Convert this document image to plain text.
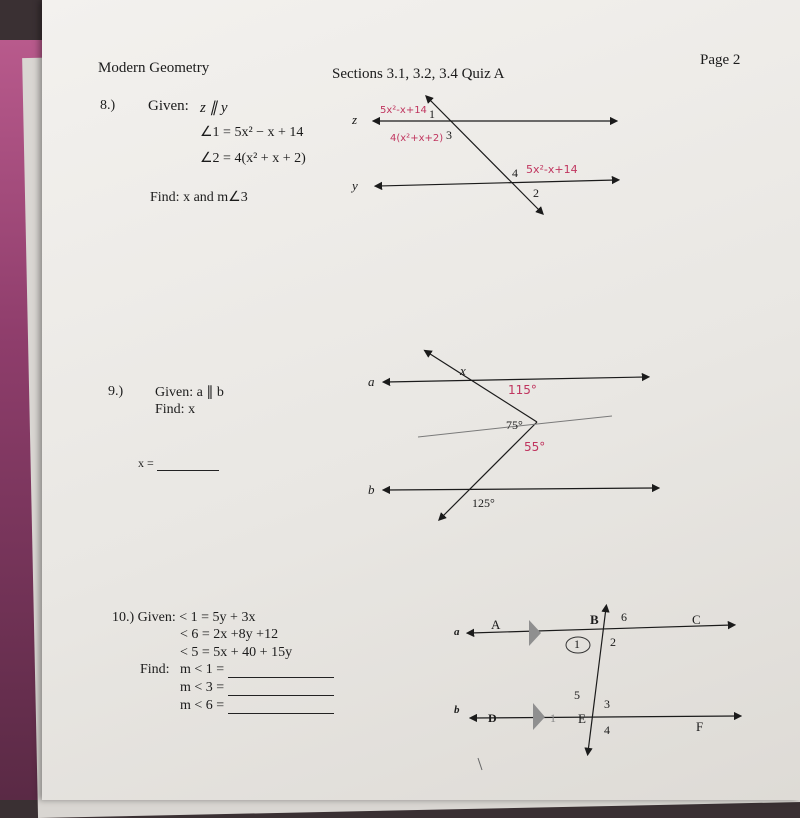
Modern Geometry	Sections 3.1, 3.2, 3.4 Quiz A
Page 2
8.) Given: z ∥ y
∠1 = 5x² − x + 14
∠2 = 4(x² + x + 2)
Find: x and m∠3
9.) Given: a ∥ b
Find: x
x =
10.) Given: < 1 = 5y + 3x
< 6 = 2x +8y +12
< 5 = 5x + 40 + 15y
Find: m < 1 =
m < 3 =
m < 6 =
z
y
1
3
4
2
5x²-x+14
4(x²+x+2)
5x²-x+14
a
b
x
115°
75°
55°
125°
a
b
A	B	C
D	E
F
1	2
3
4
5
6
1
